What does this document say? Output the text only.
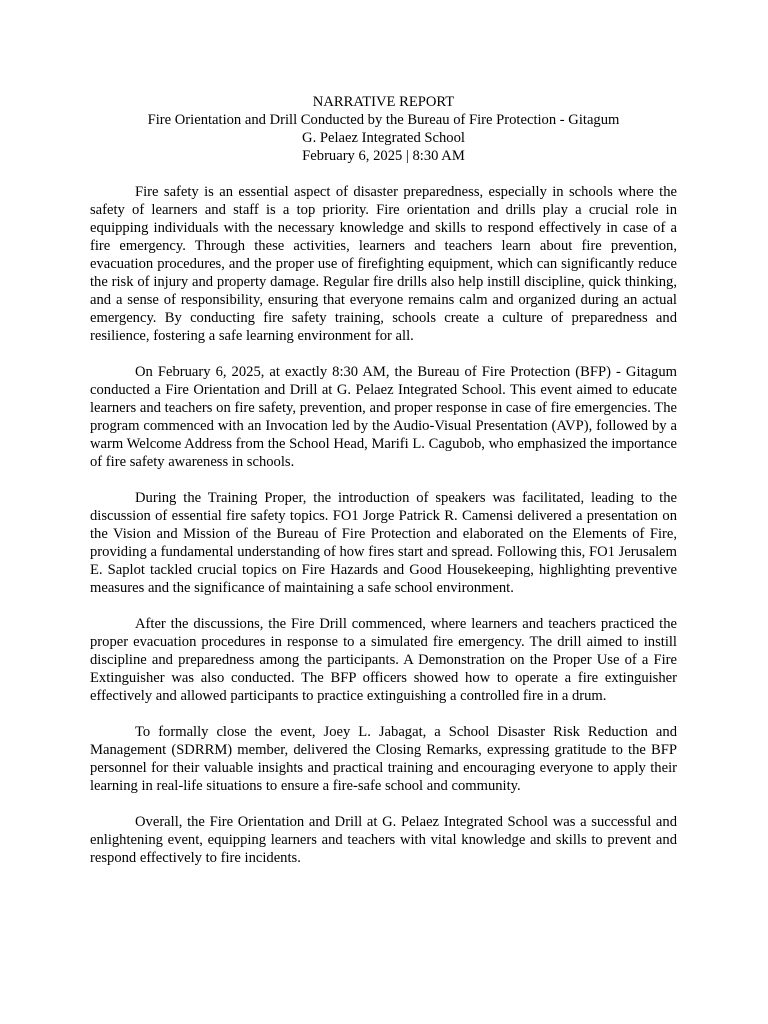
NARRATIVE REPORT
Fire Orientation and Drill Conducted by the Bureau of Fire Protection - Gitagum
G. Pelaez Integrated School
February 6, 2025 | 8:30 AM

Fire safety is an essential aspect of disaster preparedness, especially in schools where the safety of learners and staff is a top priority. Fire orientation and drills play a crucial role in equipping individuals with the necessary knowledge and skills to respond effectively in case of a fire emergency. Through these activities, learners and teachers learn about fire prevention, evacuation procedures, and the proper use of firefighting equipment, which can significantly reduce the risk of injury and property damage. Regular fire drills also help instill discipline, quick thinking, and a sense of responsibility, ensuring that everyone remains calm and organized during an actual emergency. By conducting fire safety training, schools create a culture of preparedness and resilience, fostering a safe learning environment for all.

On February 6, 2025, at exactly 8:30 AM, the Bureau of Fire Protection (BFP) - Gitagum conducted a Fire Orientation and Drill at G. Pelaez Integrated School. This event aimed to educate learners and teachers on fire safety, prevention, and proper response in case of fire emergencies. The program commenced with an Invocation led by the Audio-Visual Presentation (AVP), followed by a warm Welcome Address from the School Head, Marifi L. Cagubob, who emphasized the importance of fire safety awareness in schools.

During the Training Proper, the introduction of speakers was facilitated, leading to the discussion of essential fire safety topics. FO1 Jorge Patrick R. Camensi delivered a presentation on the Vision and Mission of the Bureau of Fire Protection and elaborated on the Elements of Fire, providing a fundamental understanding of how fires start and spread. Following this, FO1 Jerusalem E. Saplot tackled crucial topics on Fire Hazards and Good Housekeeping, highlighting preventive measures and the significance of maintaining a safe school environment.

After the discussions, the Fire Drill commenced, where learners and teachers practiced the proper evacuation procedures in response to a simulated fire emergency. The drill aimed to instill discipline and preparedness among the participants. A Demonstration on the Proper Use of a Fire Extinguisher was also conducted. The BFP officers showed how to operate a fire extinguisher effectively and allowed participants to practice extinguishing a controlled fire in a drum.

To formally close the event, Joey L. Jabagat, a School Disaster Risk Reduction and Management (SDRRM) member, delivered the Closing Remarks, expressing gratitude to the BFP personnel for their valuable insights and practical training and encouraging everyone to apply their learning in real-life situations to ensure a fire-safe school and community.

Overall, the Fire Orientation and Drill at G. Pelaez Integrated School was a successful and enlightening event, equipping learners and teachers with vital knowledge and skills to prevent and respond effectively to fire incidents.
